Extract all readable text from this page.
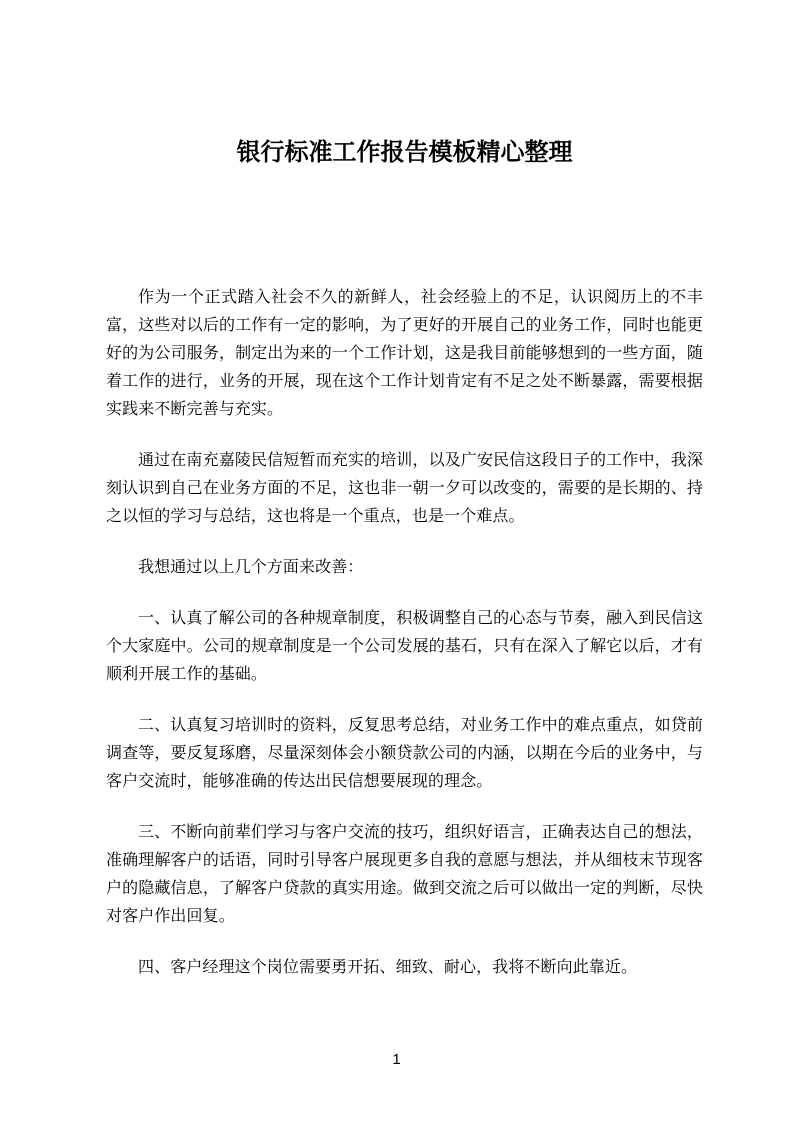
银行标准工作报告模板精心整理

作为一个正式踏入社会不久的新鲜人，社会经验上的不足，认识阅历上的不丰富，这些对以后的工作有一定的影响，为了更好的开展自己的业务工作，同时也能更好的为公司服务，制定出为来的一个工作计划，这是我目前能够想到的一些方面，随着工作的进行，业务的开展，现在这个工作计划肯定有不足之处不断暴露，需要根据实践来不断完善与充实。

通过在南充嘉陵民信短暂而充实的培训，以及广安民信这段日子的工作中，我深刻认识到自己在业务方面的不足，这也非一朝一夕可以改变的，需要的是长期的、持之以恒的学习与总结，这也将是一个重点，也是一个难点。

我想通过以上几个方面来改善：

一、认真了解公司的各种规章制度，积极调整自己的心态与节奏，融入到民信这个大家庭中。公司的规章制度是一个公司发展的基石，只有在深入了解它以后，才有顺利开展工作的基础。

二、认真复习培训时的资料，反复思考总结，对业务工作中的难点重点，如贷前调查等，要反复琢磨，尽量深刻体会小额贷款公司的内涵，以期在今后的业务中，与客户交流时，能够准确的传达出民信想要展现的理念。

三、不断向前辈们学习与客户交流的技巧，组织好语言，正确表达自己的想法，准确理解客户的话语，同时引导客户展现更多自我的意愿与想法，并从细枝末节现客户的隐藏信息，了解客户贷款的真实用途。做到交流之后可以做出一定的判断，尽快对客户作出回复。

四、客户经理这个岗位需要勇开拓、细致、耐心，我将不断向此靠近。

1
